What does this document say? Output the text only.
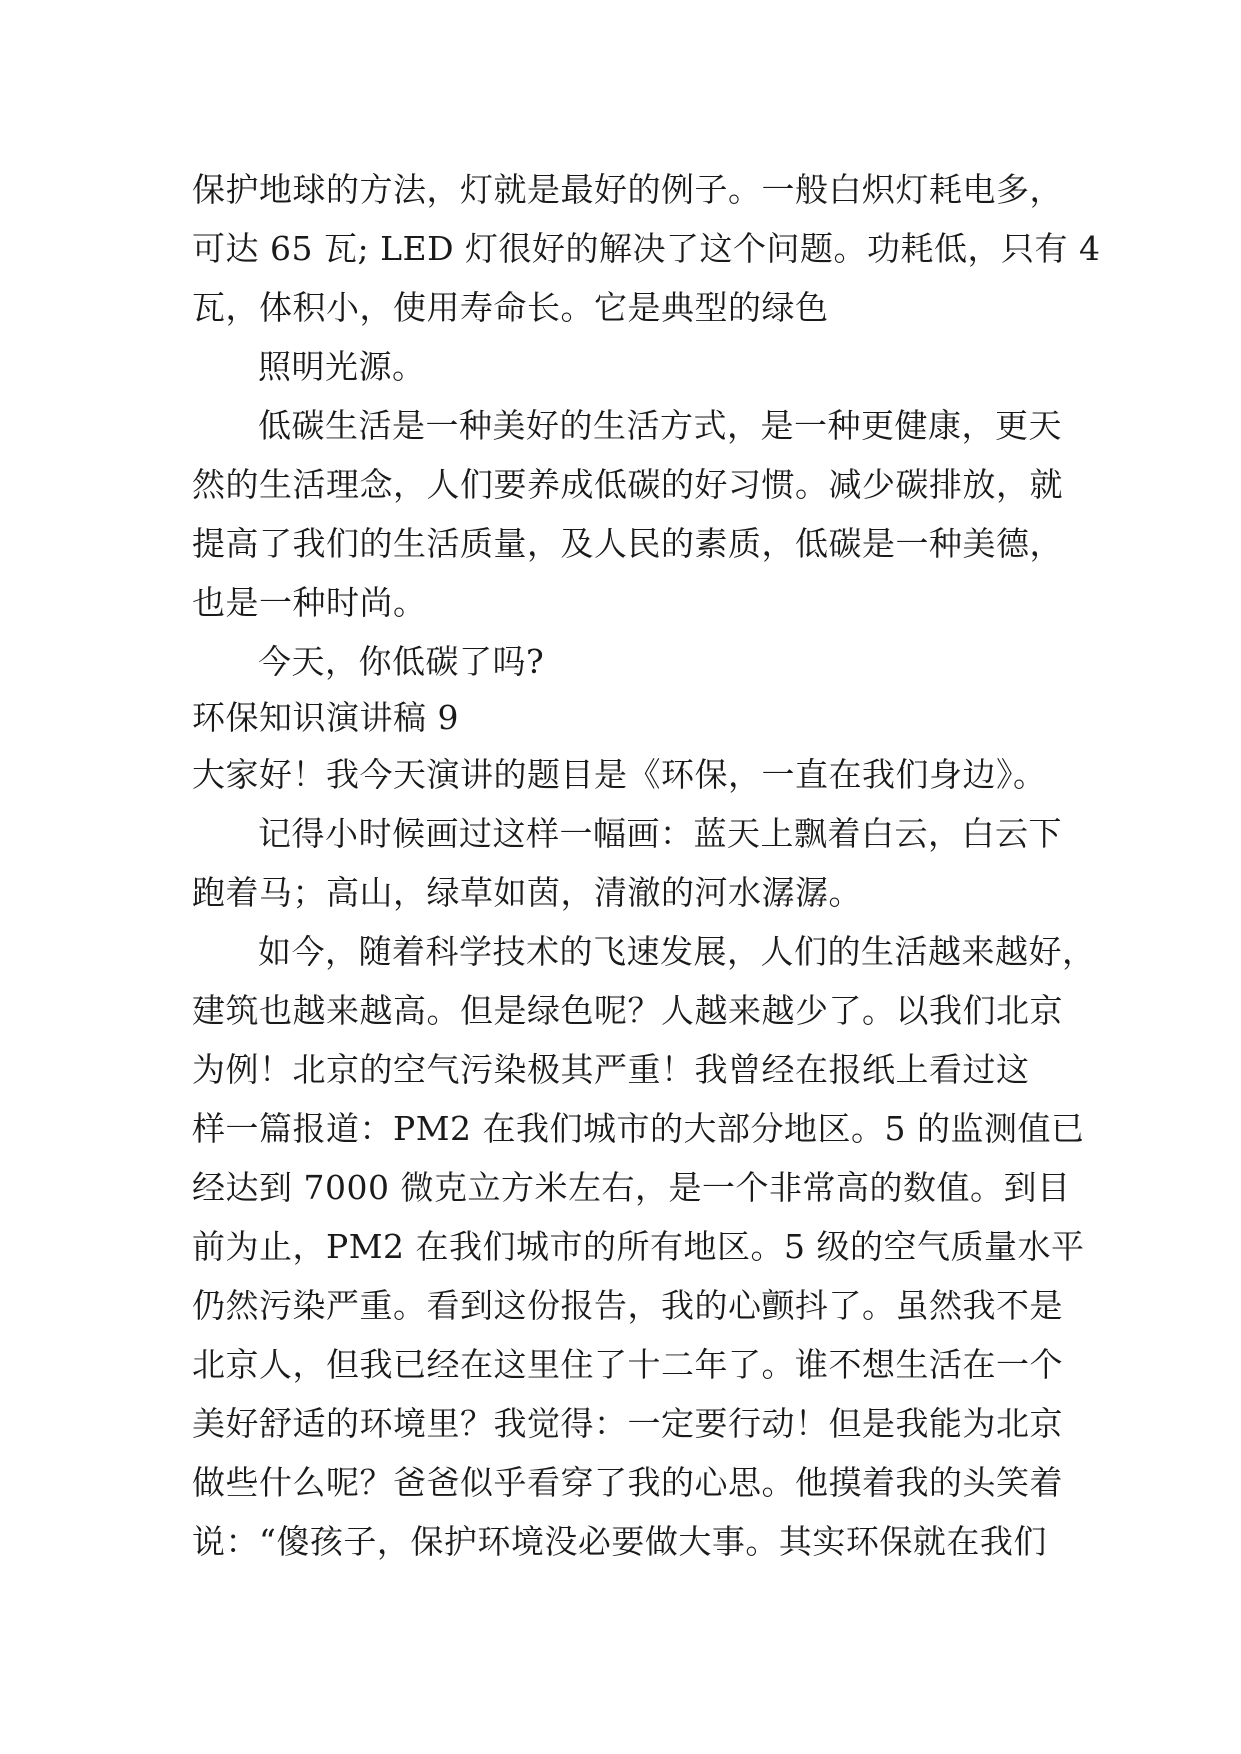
保护地球的方法，灯就是最好的例子。一般白炽灯耗电多，
可达 65 瓦; LED 灯很好的解决了这个问题。功耗低，只有 4
瓦，体积小，使用寿命长。它是典型的绿色
照明光源。
低碳生活是一种美好的生活方式，是一种更健康，更天
然的生活理念，人们要养成低碳的好习惯。减少碳排放，就
提高了我们的生活质量，及人民的素质，低碳是一种美德，
也是一种时尚。
今天，你低碳了吗?
环保知识演讲稿 9
大家好！我今天演讲的题目是《环保，一直在我们身边》。
记得小时候画过这样一幅画：蓝天上飘着白云，白云下
跑着马；高山，绿草如茵，清澈的河水潺潺。
如今，随着科学技术的飞速发展，人们的生活越来越好，
建筑也越来越高。但是绿色呢？人越来越少了。以我们北京
为例！北京的空气污染极其严重！我曾经在报纸上看过这
样一篇报道：PM2 在我们城市的大部分地区。5 的监测值已
经达到 7000 微克立方米左右，是一个非常高的数值。到目
前为止，PM2 在我们城市的所有地区。5 级的空气质量水平
仍然污染严重。看到这份报告，我的心颤抖了。虽然我不是
北京人，但我已经在这里住了十二年了。谁不想生活在一个
美好舒适的环境里？我觉得：一定要行动！但是我能为北京
做些什么呢？爸爸似乎看穿了我的心思。他摸着我的头笑着
说：“傻孩子，保护环境没必要做大事。其实环保就在我们
